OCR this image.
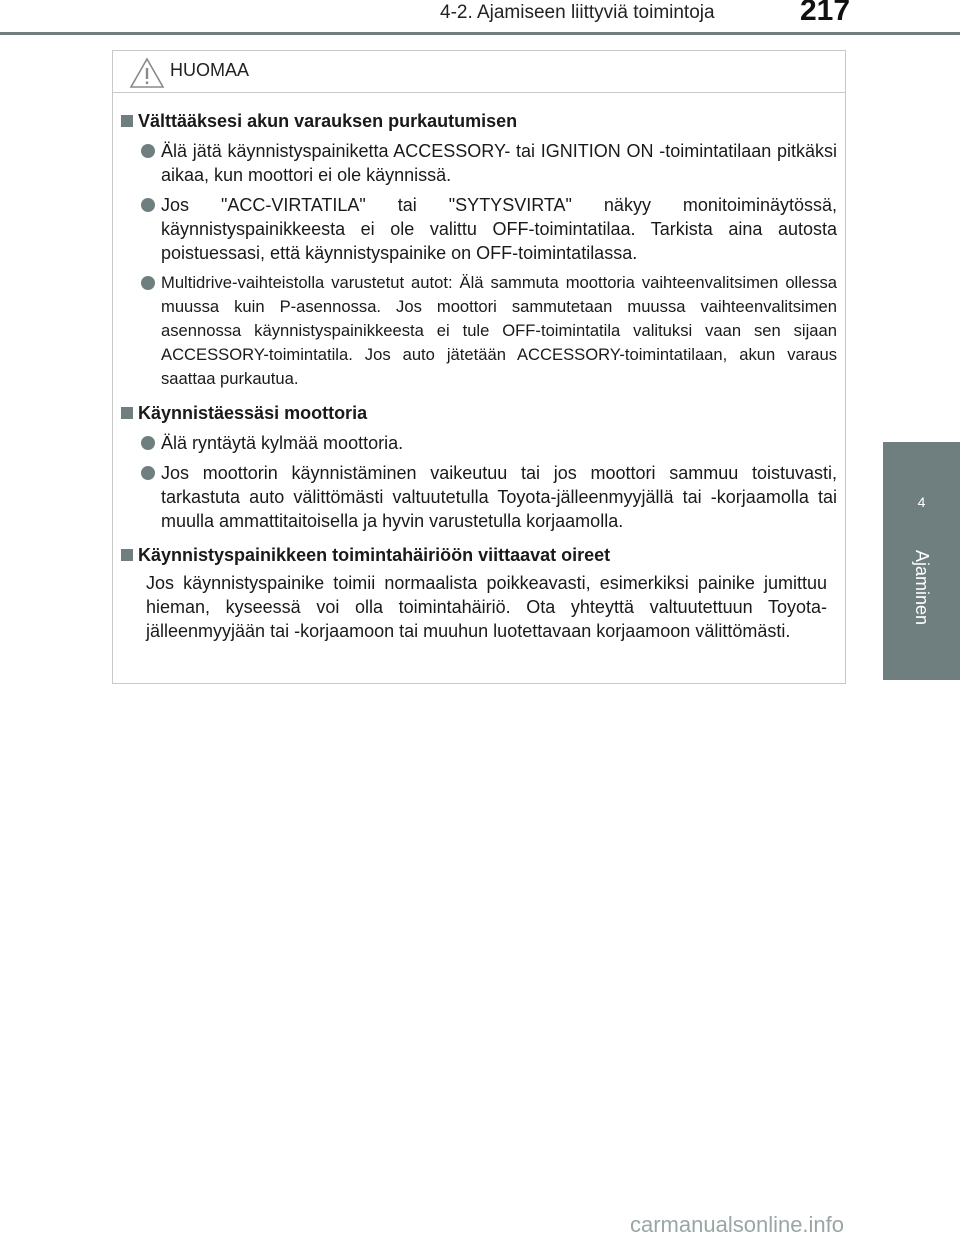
4-2. Ajamiseen liittyviä toimintoja	217
4
Ajaminen
HUOMAA
Välttääksesi akun varauksen purkautumisen
Älä jätä käynnistyspainiketta ACCESSORY- tai IGNITION ON -toimintatilaan pitkäksi aikaa, kun moottori ei ole käynnissä.
Jos "ACC-VIRTATILA" tai "SYTYSVIRTA" näkyy monitoiminäytössä, käynnistyspainikkeesta ei ole valittu OFF-toimintatilaa. Tarkista aina autosta poistuessasi, että käynnistyspainike on OFF-toimintatilassa.
Multidrive-vaihteistolla varustetut autot: Älä sammuta moottoria vaihteenvalitsimen ollessa muussa kuin P-asennossa. Jos moottori sammutetaan muussa vaihteenvalitsimen asennossa käynnistyspainikkeesta ei tule OFF-toimintatila valituksi vaan sen sijaan ACCESSORY-toimintatila. Jos auto jätetään ACCESSORY-toimintatilaan, akun varaus saattaa purkautua.
Käynnistäessäsi moottoria
Älä ryntäytä kylmää moottoria.
Jos moottorin käynnistäminen vaikeutuu tai jos moottori sammuu toistuvasti, tarkastuta auto välittömästi valtuutetulla Toyota-jälleenmyyjällä tai -korjaamolla tai muulla ammattitaitoisella ja hyvin varustetulla korjaamolla.
Käynnistyspainikkeen toimintahäiriöön viittaavat oireet
Jos käynnistyspainike toimii normaalista poikkeavasti, esimerkiksi painike jumittuu hieman, kyseessä voi olla toimintahäiriö. Ota yhteyttä valtuutettuun Toyota-jälleenmyyjään tai -korjaamoon tai muuhun luotettavaan korjaamoon välittömästi.
carmanualsonline.info
